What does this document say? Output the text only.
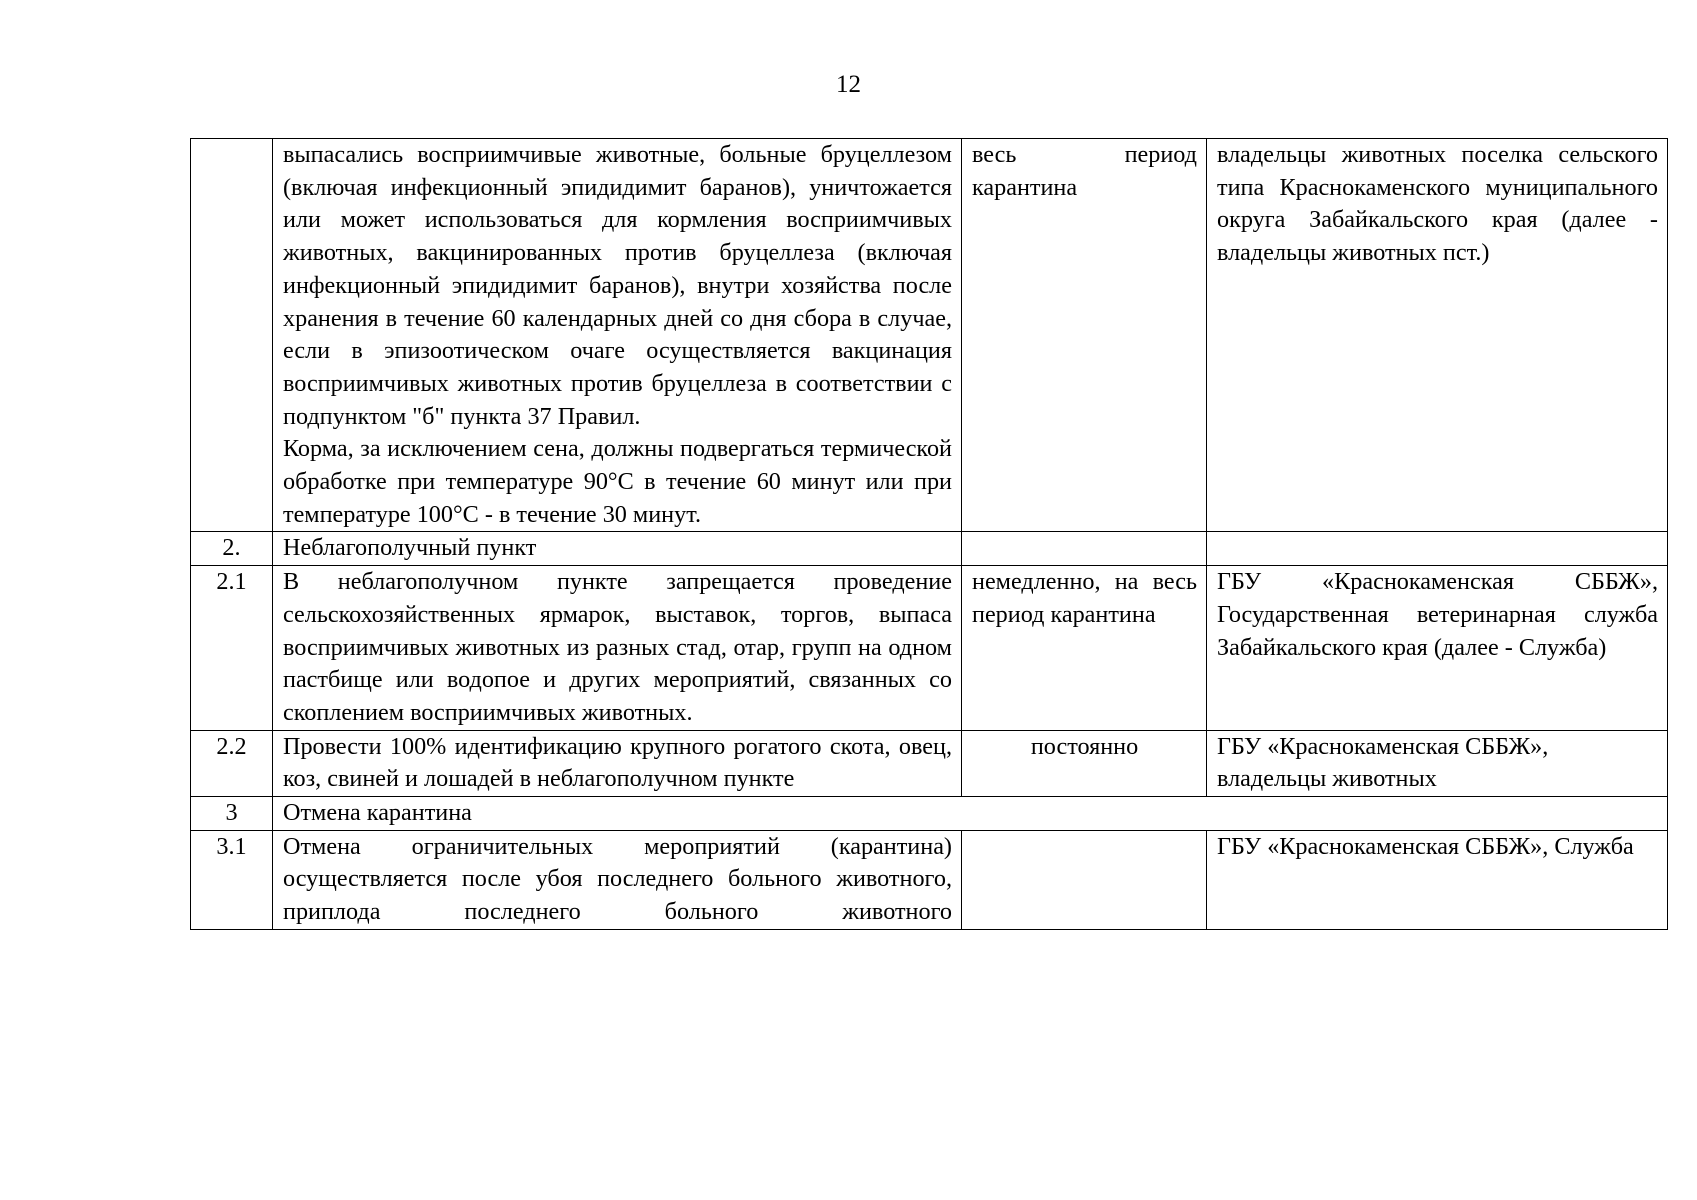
12

	выпасались восприимчивые животные, больные бруцеллезом (включая инфекционный эпидидимит баранов), уничтожается или может использоваться для кормления восприимчивых животных, вакцинированных против бруцеллеза (включая инфекционный эпидидимит баранов), внутри хозяйства после хранения в течение 60 календарных дней со дня сбора в случае, если в эпизоотическом очаге осуществляется вакцинация восприимчивых животных против бруцеллеза в соответствии с подпунктом "б" пункта 37 Правил.
Корма, за исключением сена, должны подвергаться термической обработке при температуре 90°С в течение 60 минут или при температуре 100°С - в течение 30 минут.	весь период карантина	владельцы животных поселка сельского типа Краснокаменского муниципального округа Забайкальского края (далее - владельцы животных пст.)
2.	Неблагополучный пункт		
2.1	В неблагополучном пункте запрещается проведение сельскохозяйственных ярмарок, выставок, торгов, выпаса восприимчивых животных из разных стад, отар, групп на одном пастбище или водопое и других мероприятий, связанных со скоплением восприимчивых животных.	немедленно, на весь период карантина	ГБУ «Краснокаменская СББЖ», Государственная ветеринарная служба Забайкальского края (далее - Служба)
2.2	Провести 100% идентификацию крупного рогатого скота, овец, коз, свиней и лошадей в неблагополучном пункте	постоянно	ГБУ «Краснокаменская СББЖ», владельцы животных
3	Отмена карантина		
3.1	Отмена ограничительных мероприятий (карантина) осуществляется после убоя последнего больного животного, приплода последнего больного животного		ГБУ «Краснокаменская СББЖ», Служба
